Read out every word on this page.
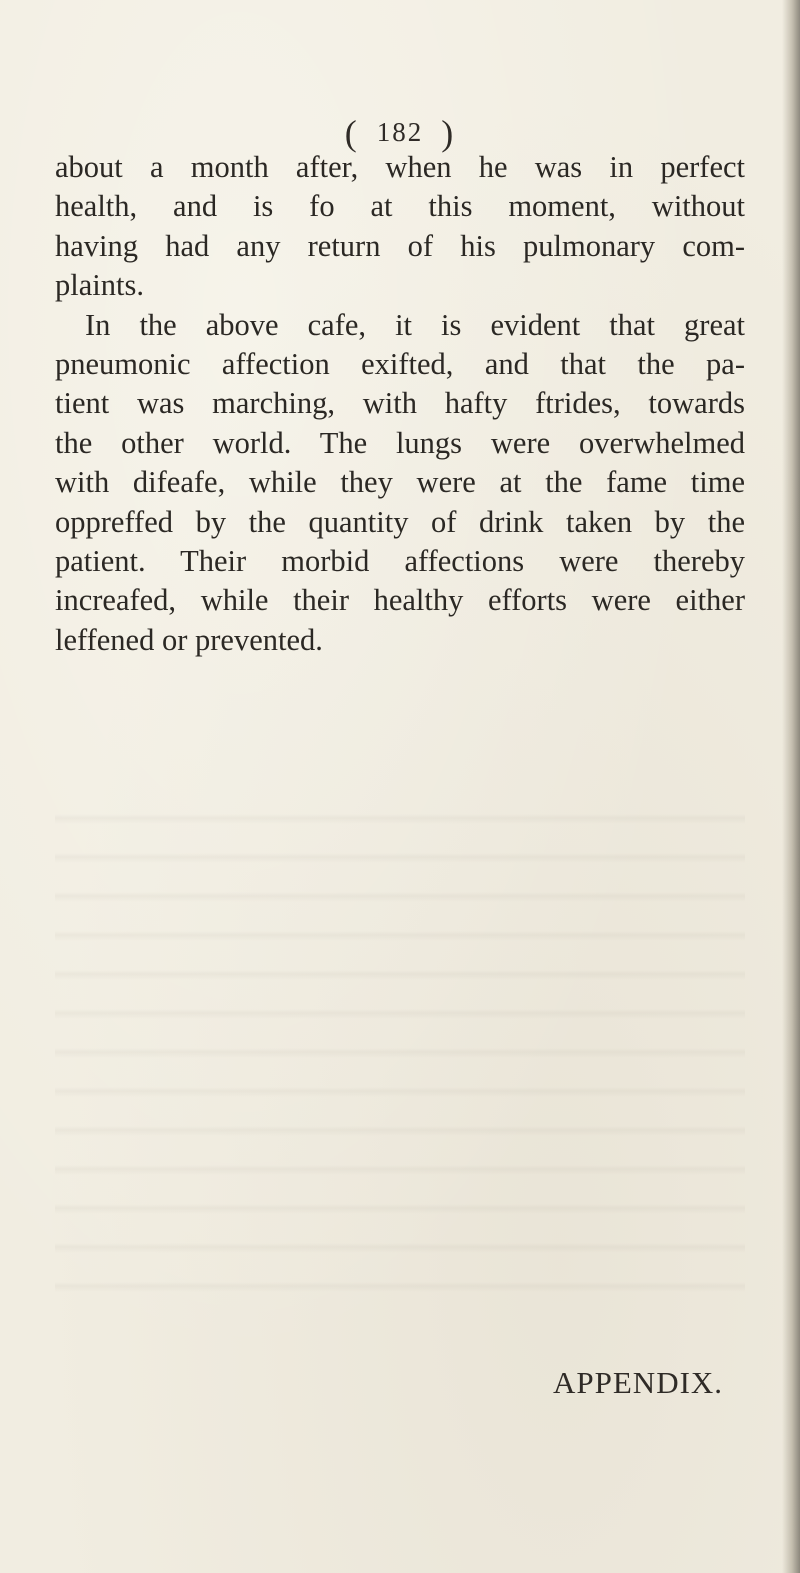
( 182 )
about a month after, when he was in perfect
health, and is fo at this moment, without
having had any return of his pulmonary com-
plaints.
In the above cafe, it is evident that great
pneumonic affection exifted, and that the pa-
tient was marching, with hafty ftrides, towards
the other world. The lungs were overwhelmed
with difeafe, while they were at the fame time
oppreffed by the quantity of drink taken by the
patient. Their morbid affections were thereby
increafed, while their healthy efforts were either
leffened or prevented.
APPENDIX.
